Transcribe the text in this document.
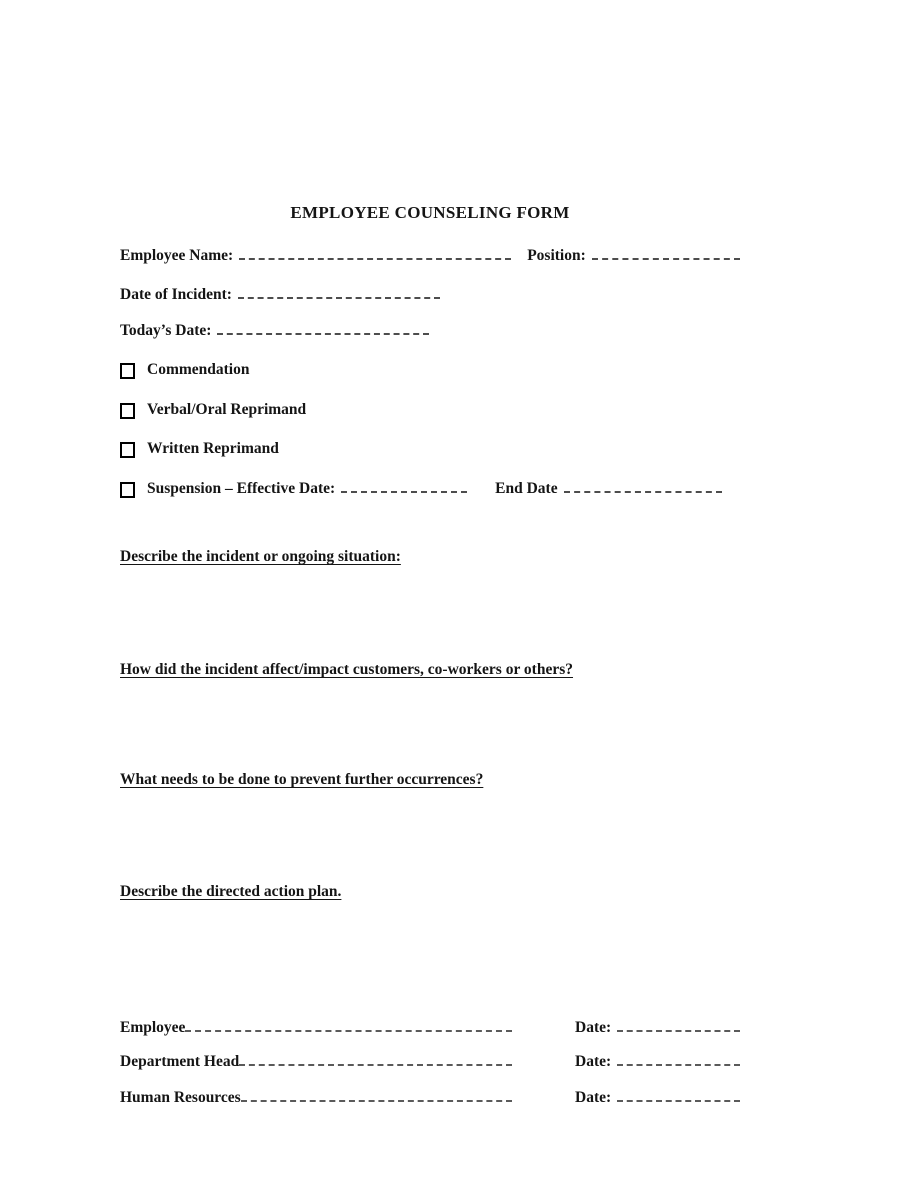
EMPLOYEE COUNSELING FORM
Employee Name:	Position:
Date of Incident:
Today’s Date:
Commendation
Verbal/Oral Reprimand
Written Reprimand
Suspension – Effective Date:	End Date
Describe the incident or ongoing situation:
How did the incident affect/impact customers, co-workers or others?
What needs to be done to prevent further occurrences?
Describe the directed action plan.
Employee	Date:
Department Head	Date:
Human Resources	Date:
